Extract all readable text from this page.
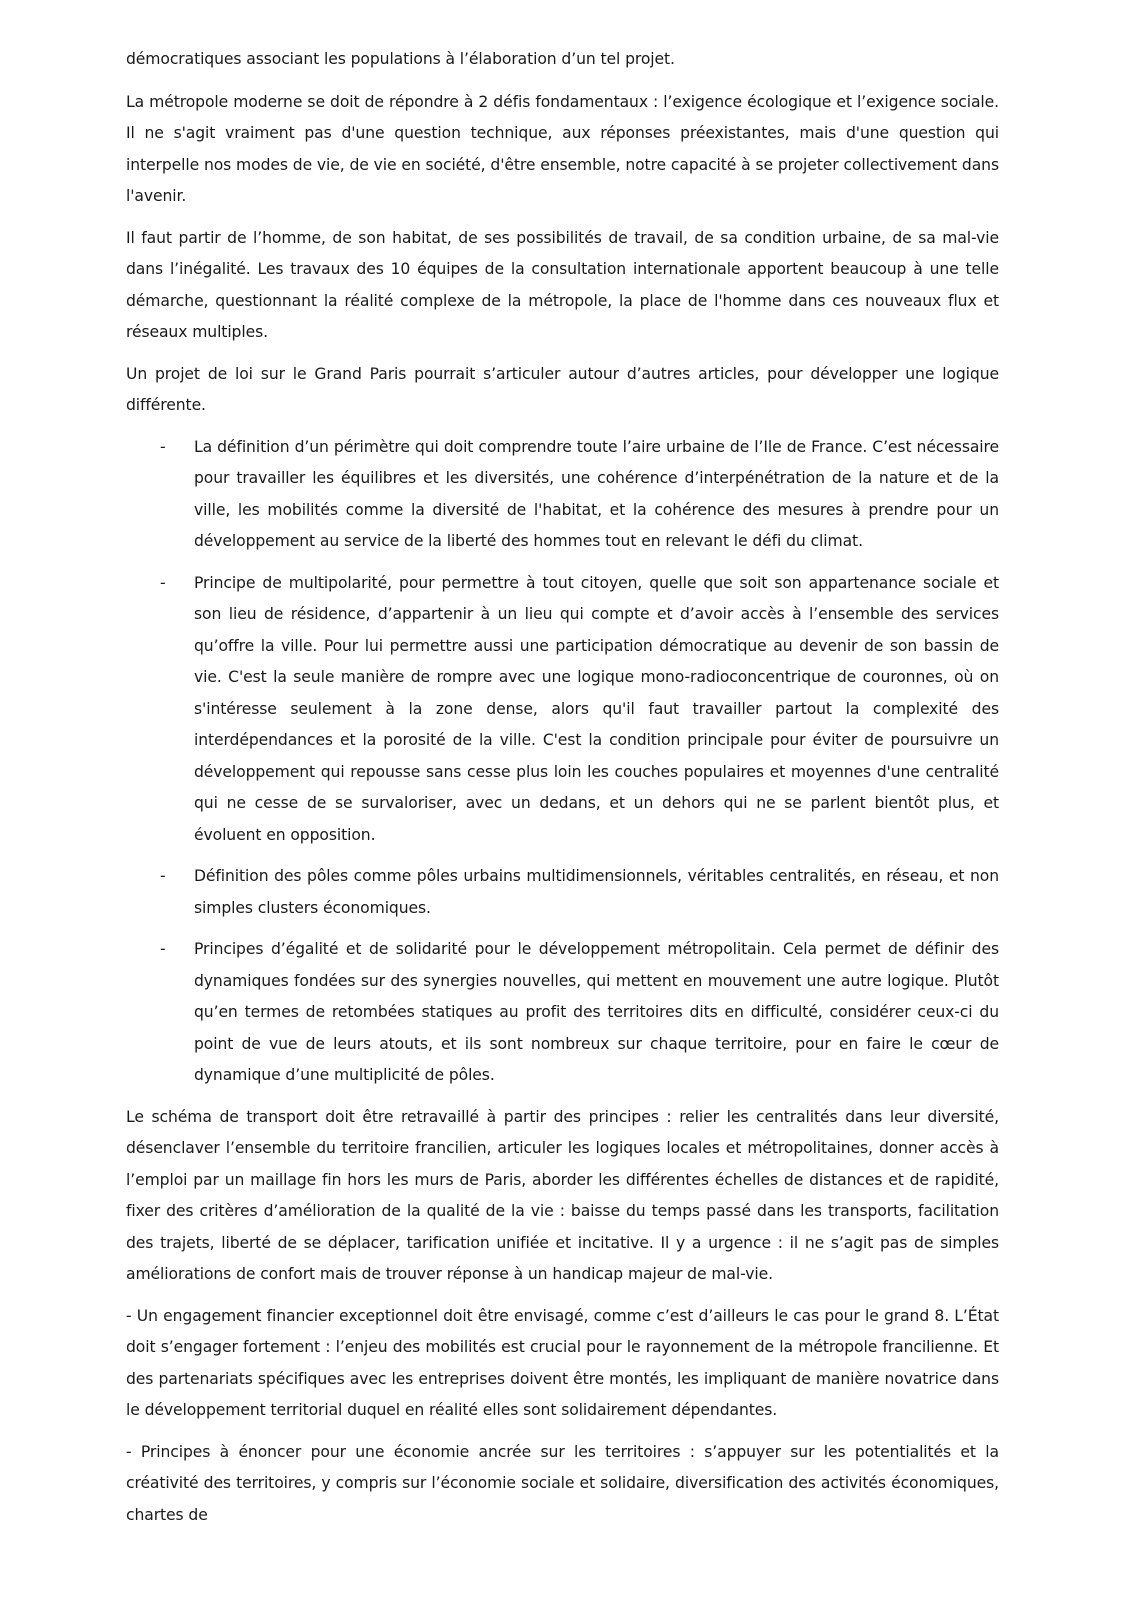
démocratiques associant les populations à l’élaboration d’un tel projet.

La métropole moderne se doit de répondre à 2 défis fondamentaux : l’exigence écologique et l’exigence sociale. Il ne s'agit vraiment pas d'une question technique, aux réponses préexistantes, mais d'une question qui interpelle nos modes de vie, de vie en société, d'être ensemble, notre capacité à se projeter collectivement dans l'avenir.

Il faut partir de l’homme, de son habitat, de ses possibilités de travail, de sa condition urbaine, de sa mal-vie dans l’inégalité. Les travaux des 10 équipes de la consultation internationale apportent beaucoup à une telle démarche, questionnant la réalité complexe de la métropole, la place de l'homme dans ces nouveaux flux et réseaux multiples.

Un projet de loi sur le Grand Paris pourrait s’articuler autour d’autres articles, pour développer une logique différente.

- La définition d’un périmètre qui doit comprendre toute l’aire urbaine de l’Ile de France. C’est nécessaire pour travailler les équilibres et les diversités, une cohérence d’interpénétration de la nature et de la ville, les mobilités comme la diversité de l'habitat, et la cohérence des mesures à prendre pour un développement au service de la liberté des hommes tout en relevant le défi du climat.
- Principe de multipolarité, pour permettre à tout citoyen, quelle que soit son appartenance sociale et son lieu de résidence, d’appartenir à un lieu qui compte et d’avoir accès à l’ensemble des services qu’offre la ville. Pour lui permettre aussi une participation démocratique au devenir de son bassin de vie. C'est la seule manière de rompre avec une logique mono-radioconcentrique de couronnes, où on s'intéresse seulement à la zone dense, alors qu'il faut travailler partout la complexité des interdépendances et la porosité de la ville. C'est la condition principale pour éviter de poursuivre un développement qui repousse sans cesse plus loin les couches populaires et moyennes d'une centralité qui ne cesse de se survaloriser, avec un dedans, et un dehors qui ne se parlent bientôt plus, et évoluent en opposition.
- Définition des pôles comme pôles urbains multidimensionnels, véritables centralités, en réseau, et non simples clusters économiques.
- Principes d’égalité et de solidarité pour le développement métropolitain. Cela permet de définir des dynamiques fondées sur des synergies nouvelles, qui mettent en mouvement une autre logique. Plutôt qu’en termes de retombées statiques au profit des territoires dits en difficulté, considérer ceux-ci du point de vue de leurs atouts, et ils sont nombreux sur chaque territoire, pour en faire le cœur de dynamique d’une multiplicité de pôles.

Le schéma de transport doit être retravaillé à partir des principes : relier les centralités dans leur diversité, désenclaver l’ensemble du territoire francilien, articuler les logiques locales et métropolitaines, donner accès à l’emploi par un maillage fin hors les murs de Paris, aborder les différentes échelles de distances et de rapidité, fixer des critères d’amélioration de la qualité de la vie : baisse du temps passé dans les transports, facilitation des trajets, liberté de se déplacer, tarification unifiée et incitative. Il y a urgence : il ne s’agit pas de simples améliorations de confort mais de trouver réponse à un handicap majeur de mal-vie.

- Un engagement financier exceptionnel doit être envisagé, comme c’est d’ailleurs le cas pour le grand 8. L’État doit s’engager fortement : l’enjeu des mobilités est crucial pour le rayonnement de la métropole francilienne. Et des partenariats spécifiques avec les entreprises doivent être montés, les impliquant de manière novatrice dans le développement territorial duquel en réalité elles sont solidairement dépendantes.

- Principes à énoncer pour une économie ancrée sur les territoires : s’appuyer sur les potentialités et la créativité des territoires, y compris sur l’économie sociale et solidaire, diversification des activités économiques, chartes de
